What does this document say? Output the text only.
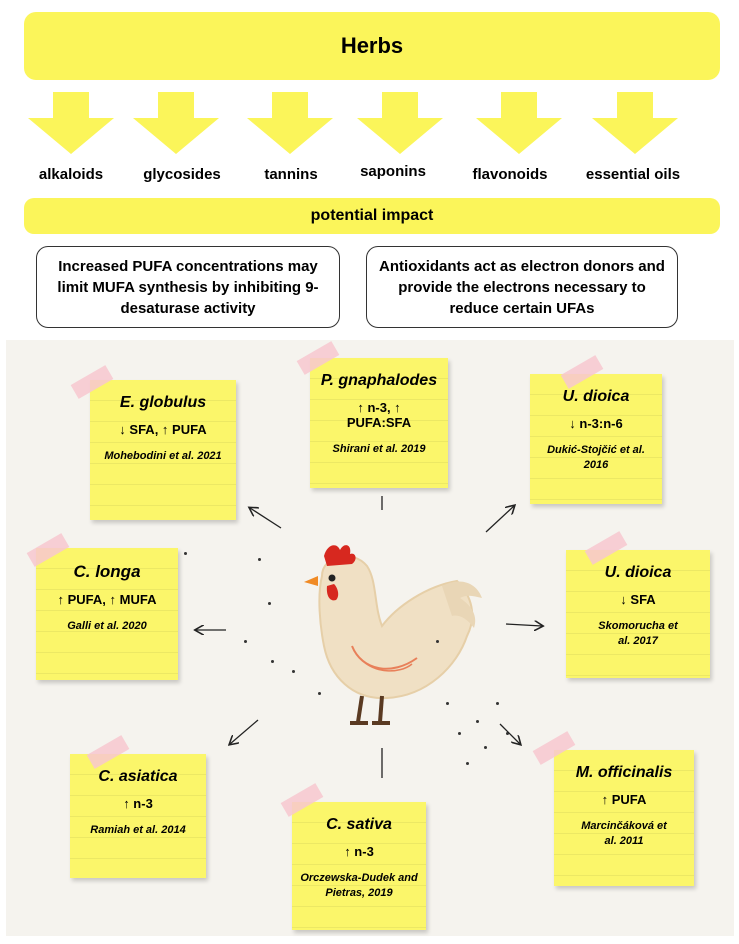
Herbs
alkaloids	glycosides	tannins	saponins	flavonoids	essential oils
potential impact
Increased PUFA concentrations may limit MUFA synthesis by inhibiting 9-desaturase activity
Antioxidants act as electron donors and provide the electrons necessary to reduce certain UFAs
E. globulus
↓ SFA, ↑ PUFA
Mohebodini et al. 2021
P. gnaphalodes
↑ n-3, ↑ PUFA:SFA
Shirani et al. 2019
U. dioica
↓ n-3:n-6
Dukić-Stojčić et al. 2016
C. longa
↑ PUFA, ↑ MUFA
Galli et al. 2020
U. dioica
↓ SFA
Skomorucha et al. 2017
C. asiatica
↑ n-3
Ramiah et al. 2014	C. sativa
↑ n-3
Orczewska-Dudek and Pietras, 2019
M. officinalis
↑ PUFA
Marcinčáková et al. 2011
